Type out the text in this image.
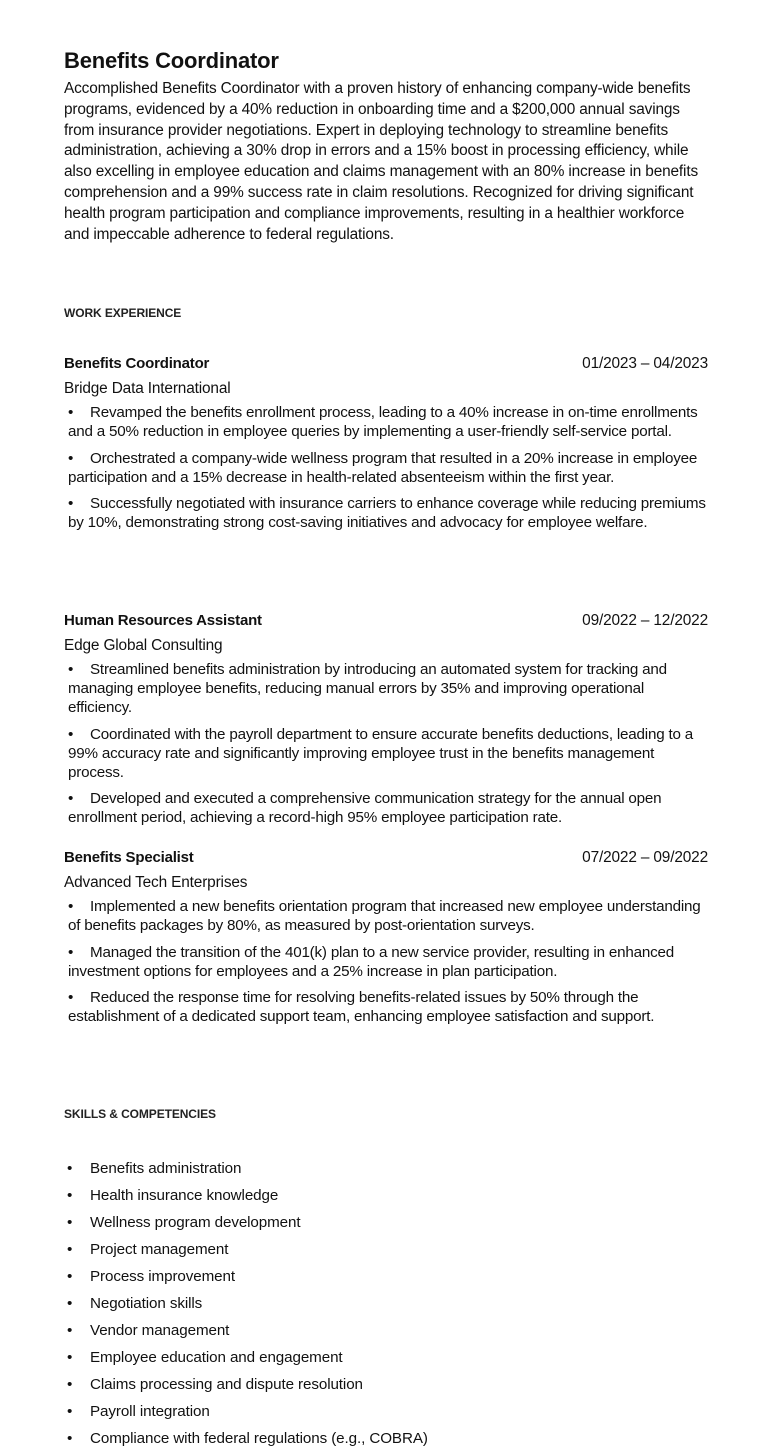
Benefits Coordinator

Accomplished Benefits Coordinator with a proven history of enhancing company-wide benefits programs, evidenced by a 40% reduction in onboarding time and a $200,000 annual savings from insurance provider negotiations. Expert in deploying technology to streamline benefits administration, achieving a 30% drop in errors and a 15% boost in processing efficiency, while also excelling in employee education and claims management with an 80% increase in benefits comprehension and a 99% success rate in claim resolutions. Recognized for driving significant health program participation and compliance improvements, resulting in a healthier workforce and impeccable adherence to federal regulations.

WORK EXPERIENCE
Benefits Coordinator	01/2023 – 04/2023
Bridge Data International
• Revamped the benefits enrollment process, leading to a 40% increase in on-time enrollments and a 50% reduction in employee queries by implementing a user-friendly self-service portal.
• Orchestrated a company-wide wellness program that resulted in a 20% increase in employee participation and a 15% decrease in health-related absenteeism within the first year.
• Successfully negotiated with insurance carriers to enhance coverage while reducing premiums by 10%, demonstrating strong cost-saving initiatives and advocacy for employee welfare.
Human Resources Assistant	09/2022 – 12/2022
Edge Global Consulting
• Streamlined benefits administration by introducing an automated system for tracking and managing employee benefits, reducing manual errors by 35% and improving operational efficiency.
• Coordinated with the payroll department to ensure accurate benefits deductions, leading to a 99% accuracy rate and significantly improving employee trust in the benefits management process.
• Developed and executed a comprehensive communication strategy for the annual open enrollment period, achieving a record-high 95% employee participation rate.
Benefits Specialist	07/2022 – 09/2022
Advanced Tech Enterprises
• Implemented a new benefits orientation program that increased new employee understanding of benefits packages by 80%, as measured by post-orientation surveys.
• Managed the transition of the 401(k) plan to a new service provider, resulting in enhanced investment options for employees and a 25% increase in plan participation.
• Reduced the response time for resolving benefits-related issues by 50% through the establishment of a dedicated support team, enhancing employee satisfaction and support.
SKILLS & COMPETENCIES
• Benefits administration
• Health insurance knowledge
• Wellness program development
• Project management
• Process improvement
• Negotiation skills
• Vendor management
• Employee education and engagement
• Claims processing and dispute resolution
• Payroll integration
• Compliance with federal regulations (e.g., COBRA)
